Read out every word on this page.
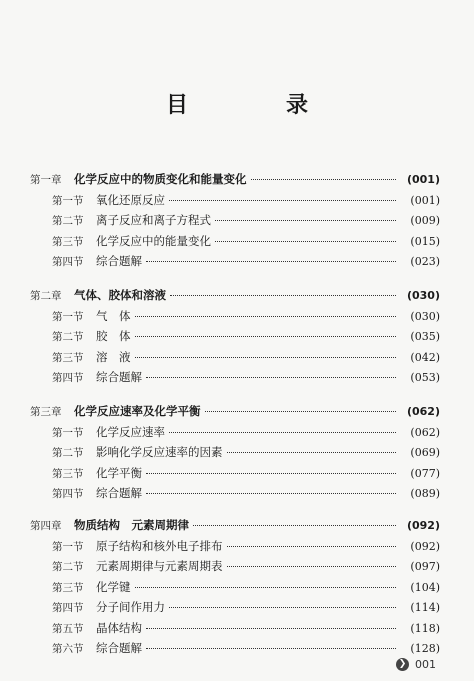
目　录
第一章	化学反应中的物质变化和能量变化	(001)
第一节	氧化还原反应	(001)
第二节	离子反应和离子方程式	(009)
第三节	化学反应中的能量变化	(015)
第四节	综合题解	(023)
第二章	气体、胶体和溶液	(030)
第一节	气　体	(030)
第二节	胶　体	(035)
第三节	溶　液	(042)
第四节	综合题解	(053)
第三章	化学反应速率及化学平衡	(062)
第一节	化学反应速率	(062)
第二节	影响化学反应速率的因素	(069)
第三节	化学平衡	(077)
第四节	综合题解	(089)
第四章	物质结构　元素周期律	(092)
第一节	原子结构和核外电子排布	(092)
第二节	元素周期律与元素周期表	(097)
第三节	化学键	(104)
第四节	分子间作用力	(114)
第五节	晶体结构	(118)
第六节	综合题解	(128)
❯ 001
